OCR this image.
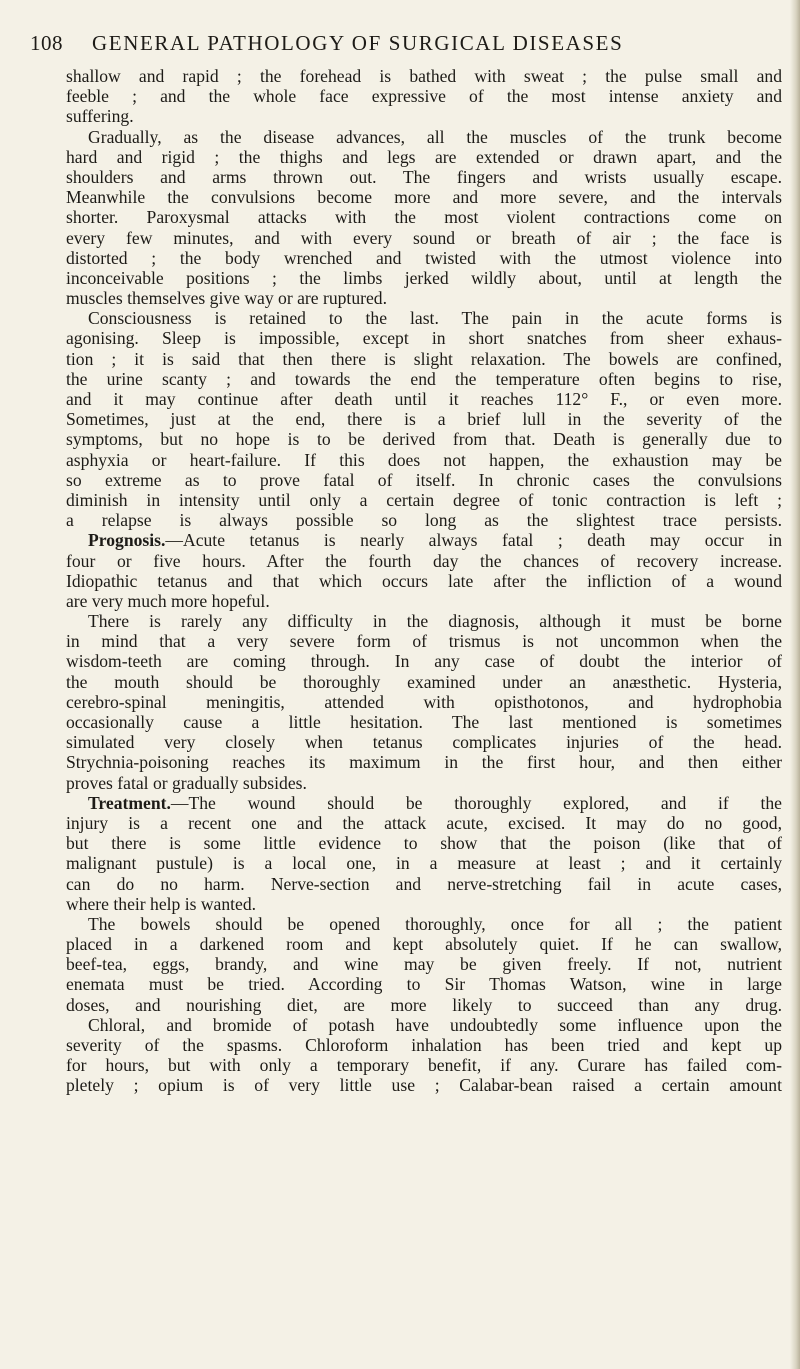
108 GENERAL PATHOLOGY OF SURGICAL DISEASES
shallow and rapid ; the forehead is bathed with sweat ; the pulse small and
feeble ; and the whole face expressive of the most intense anxiety and
suffering.
Gradually, as the disease advances, all the muscles of the trunk become
hard and rigid ; the thighs and legs are extended or drawn apart, and the
shoulders and arms thrown out. The fingers and wrists usually escape.
Meanwhile the convulsions become more and more severe, and the intervals
shorter. Paroxysmal attacks with the most violent contractions come on
every few minutes, and with every sound or breath of air ; the face is
distorted ; the body wrenched and twisted with the utmost violence into
inconceivable positions ; the limbs jerked wildly about, until at length the
muscles themselves give way or are ruptured.
Consciousness is retained to the last. The pain in the acute forms is
agonising. Sleep is impossible, except in short snatches from sheer exhaus-
tion ; it is said that then there is slight relaxation. The bowels are confined,
the urine scanty ; and towards the end the temperature often begins to rise,
and it may continue after death until it reaches 112° F., or even more.
Sometimes, just at the end, there is a brief lull in the severity of the
symptoms, but no hope is to be derived from that. Death is generally due to
asphyxia or heart-failure. If this does not happen, the exhaustion may be
so extreme as to prove fatal of itself. In chronic cases the convulsions
diminish in intensity until only a certain degree of tonic contraction is left ;
a relapse is always possible so long as the slightest trace persists.
Prognosis.—Acute tetanus is nearly always fatal ; death may occur in
four or five hours. After the fourth day the chances of recovery increase.
Idiopathic tetanus and that which occurs late after the infliction of a wound
are very much more hopeful.
There is rarely any difficulty in the diagnosis, although it must be borne
in mind that a very severe form of trismus is not uncommon when the
wisdom-teeth are coming through. In any case of doubt the interior of
the mouth should be thoroughly examined under an anæsthetic. Hysteria,
cerebro-spinal meningitis, attended with opisthotonos, and hydrophobia
occasionally cause a little hesitation. The last mentioned is sometimes
simulated very closely when tetanus complicates injuries of the head.
Strychnia-poisoning reaches its maximum in the first hour, and then either
proves fatal or gradually subsides.
Treatment.—The wound should be thoroughly explored, and if the
injury is a recent one and the attack acute, excised. It may do no good,
but there is some little evidence to show that the poison (like that of
malignant pustule) is a local one, in a measure at least ; and it certainly
can do no harm. Nerve-section and nerve-stretching fail in acute cases,
where their help is wanted.
The bowels should be opened thoroughly, once for all ; the patient
placed in a darkened room and kept absolutely quiet. If he can swallow,
beef-tea, eggs, brandy, and wine may be given freely. If not, nutrient
enemata must be tried. According to Sir Thomas Watson, wine in large
doses, and nourishing diet, are more likely to succeed than any drug.
Chloral, and bromide of potash have undoubtedly some influence upon the
severity of the spasms. Chloroform inhalation has been tried and kept up
for hours, but with only a temporary benefit, if any. Curare has failed com-
pletely ; opium is of very little use ; Calabar-bean raised a certain amount
